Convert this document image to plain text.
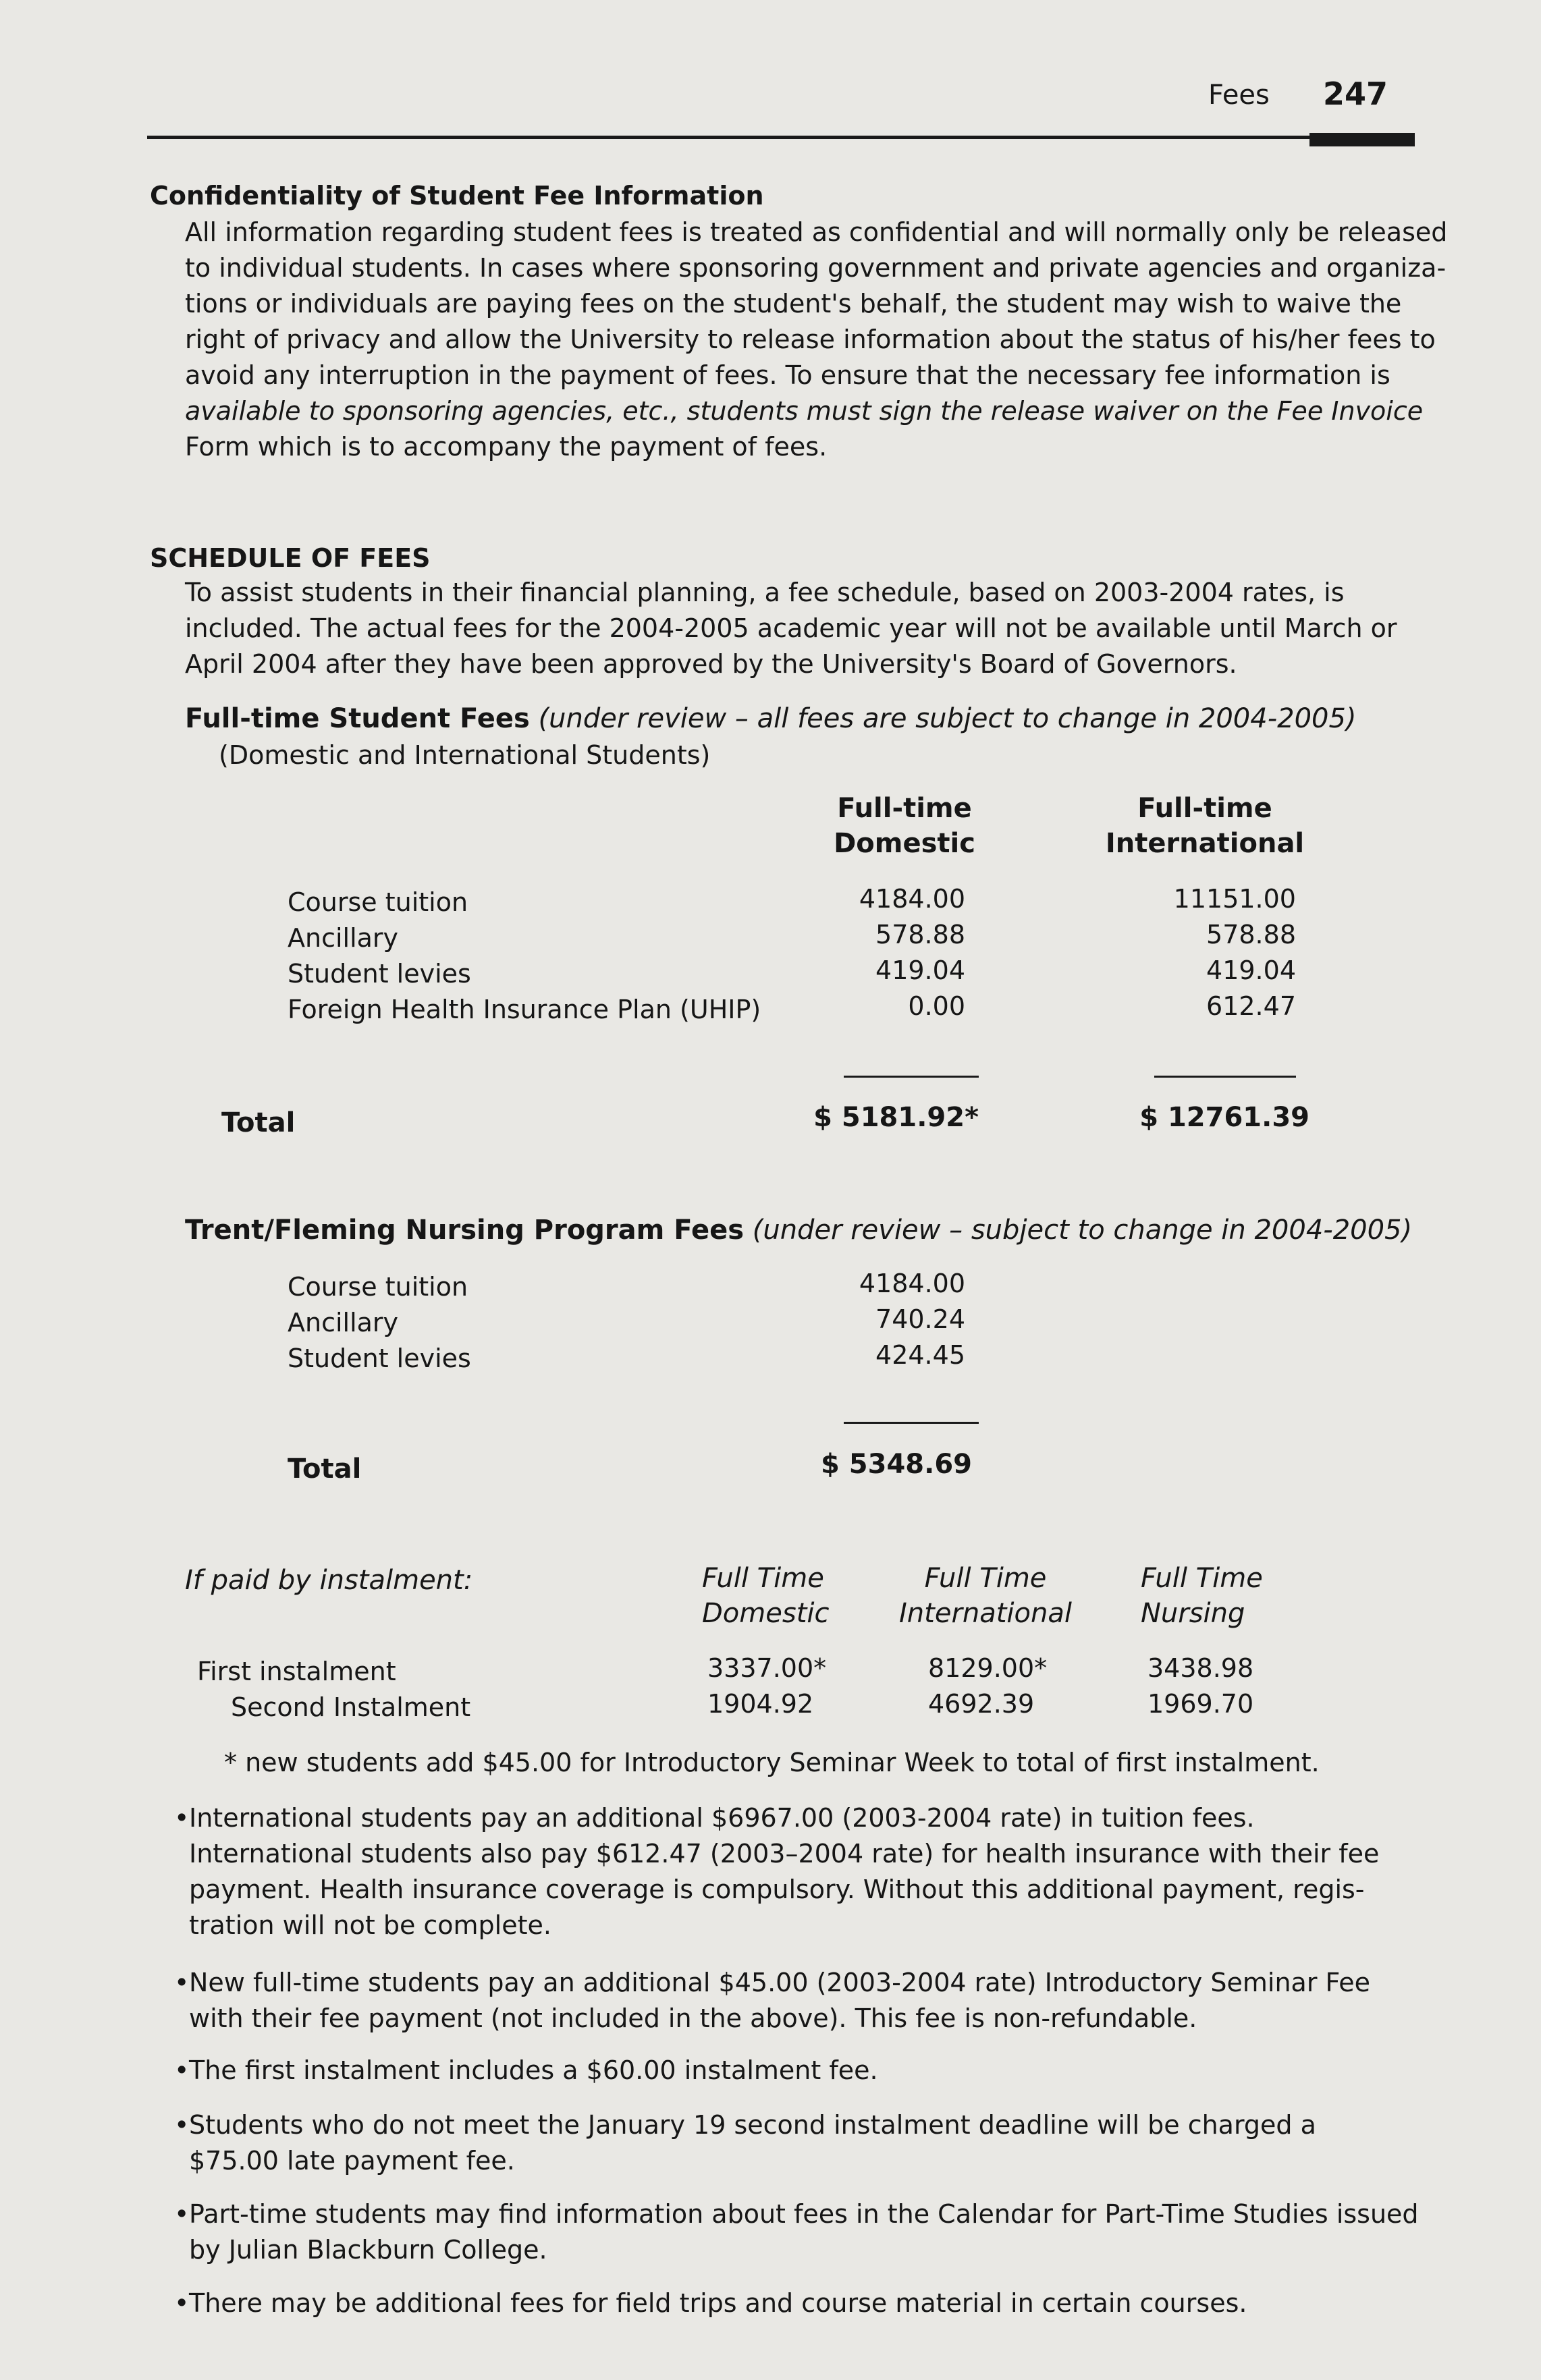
Fees 247
Confidentiality of Student Fee Information

All information regarding student fees is treated as confidential and will normally only be released

to individual students. In cases where sponsoring government and private agencies and organiza-

tions or individuals are paying fees on the student's behalf, the student may wish to waive the

right of privacy and allow the University to release information about the status of his/her fees to

avoid any interruption in the payment of fees. To ensure that the necessary fee information is

available to sponsoring agencies, etc., students must sign the release waiver on the Fee Invoice

Form which is to accompany the payment of fees.

SCHEDULE OF FEES

To assist students in their financial planning, a fee schedule, based on 2003-2004 rates, is

included. The actual fees for the 2004-2005 academic year will not be available until March or

April 2004 after they have been approved by the University's Board of Governors.

Full-time Student Fees (under review – all fees are subject to change in 2004-2005)
(Domestic and International Students)
Full-time
Domestic
Full-time
International
Course tuition	4184.00	11151.00
Ancillary	578.88	578.88
Student levies	419.04	419.04
Foreign Health Insurance Plan (UHIP)	0.00	612.47
Total	$ 5181.92*	$ 12761.39
Trent/Fleming Nursing Program Fees (under review – subject to change in 2004-2005)
Course tuition	4184.00
Ancillary	740.24
Student levies	424.45
Total	$ 5348.69
If paid by instalment:	Full Time
Domestic
Full Time
International
Full Time
Nursing
First instalment	3337.00*	8129.00*	3438.98
Second Instalment	1904.92	4692.39	1969.70
* new students add $45.00 for Introductory Seminar Week to total of first instalment.
• International students pay an additional $6967.00 (2003-2004 rate) in tuition fees.

International students also pay $612.47 (2003–2004 rate) for health insurance with their fee

payment. Health insurance coverage is compulsory. Without this additional payment, regis-

tration will not be complete.

• New full-time students pay an additional $45.00 (2003-2004 rate) Introductory Seminar Fee

with their fee payment (not included in the above). This fee is non-refundable.

• The first instalment includes a $60.00 instalment fee.

• Students who do not meet the January 19 second instalment deadline will be charged a

$75.00 late payment fee.

• Part-time students may find information about fees in the Calendar for Part-Time Studies issued

by Julian Blackburn College.

• There may be additional fees for field trips and course material in certain courses.
